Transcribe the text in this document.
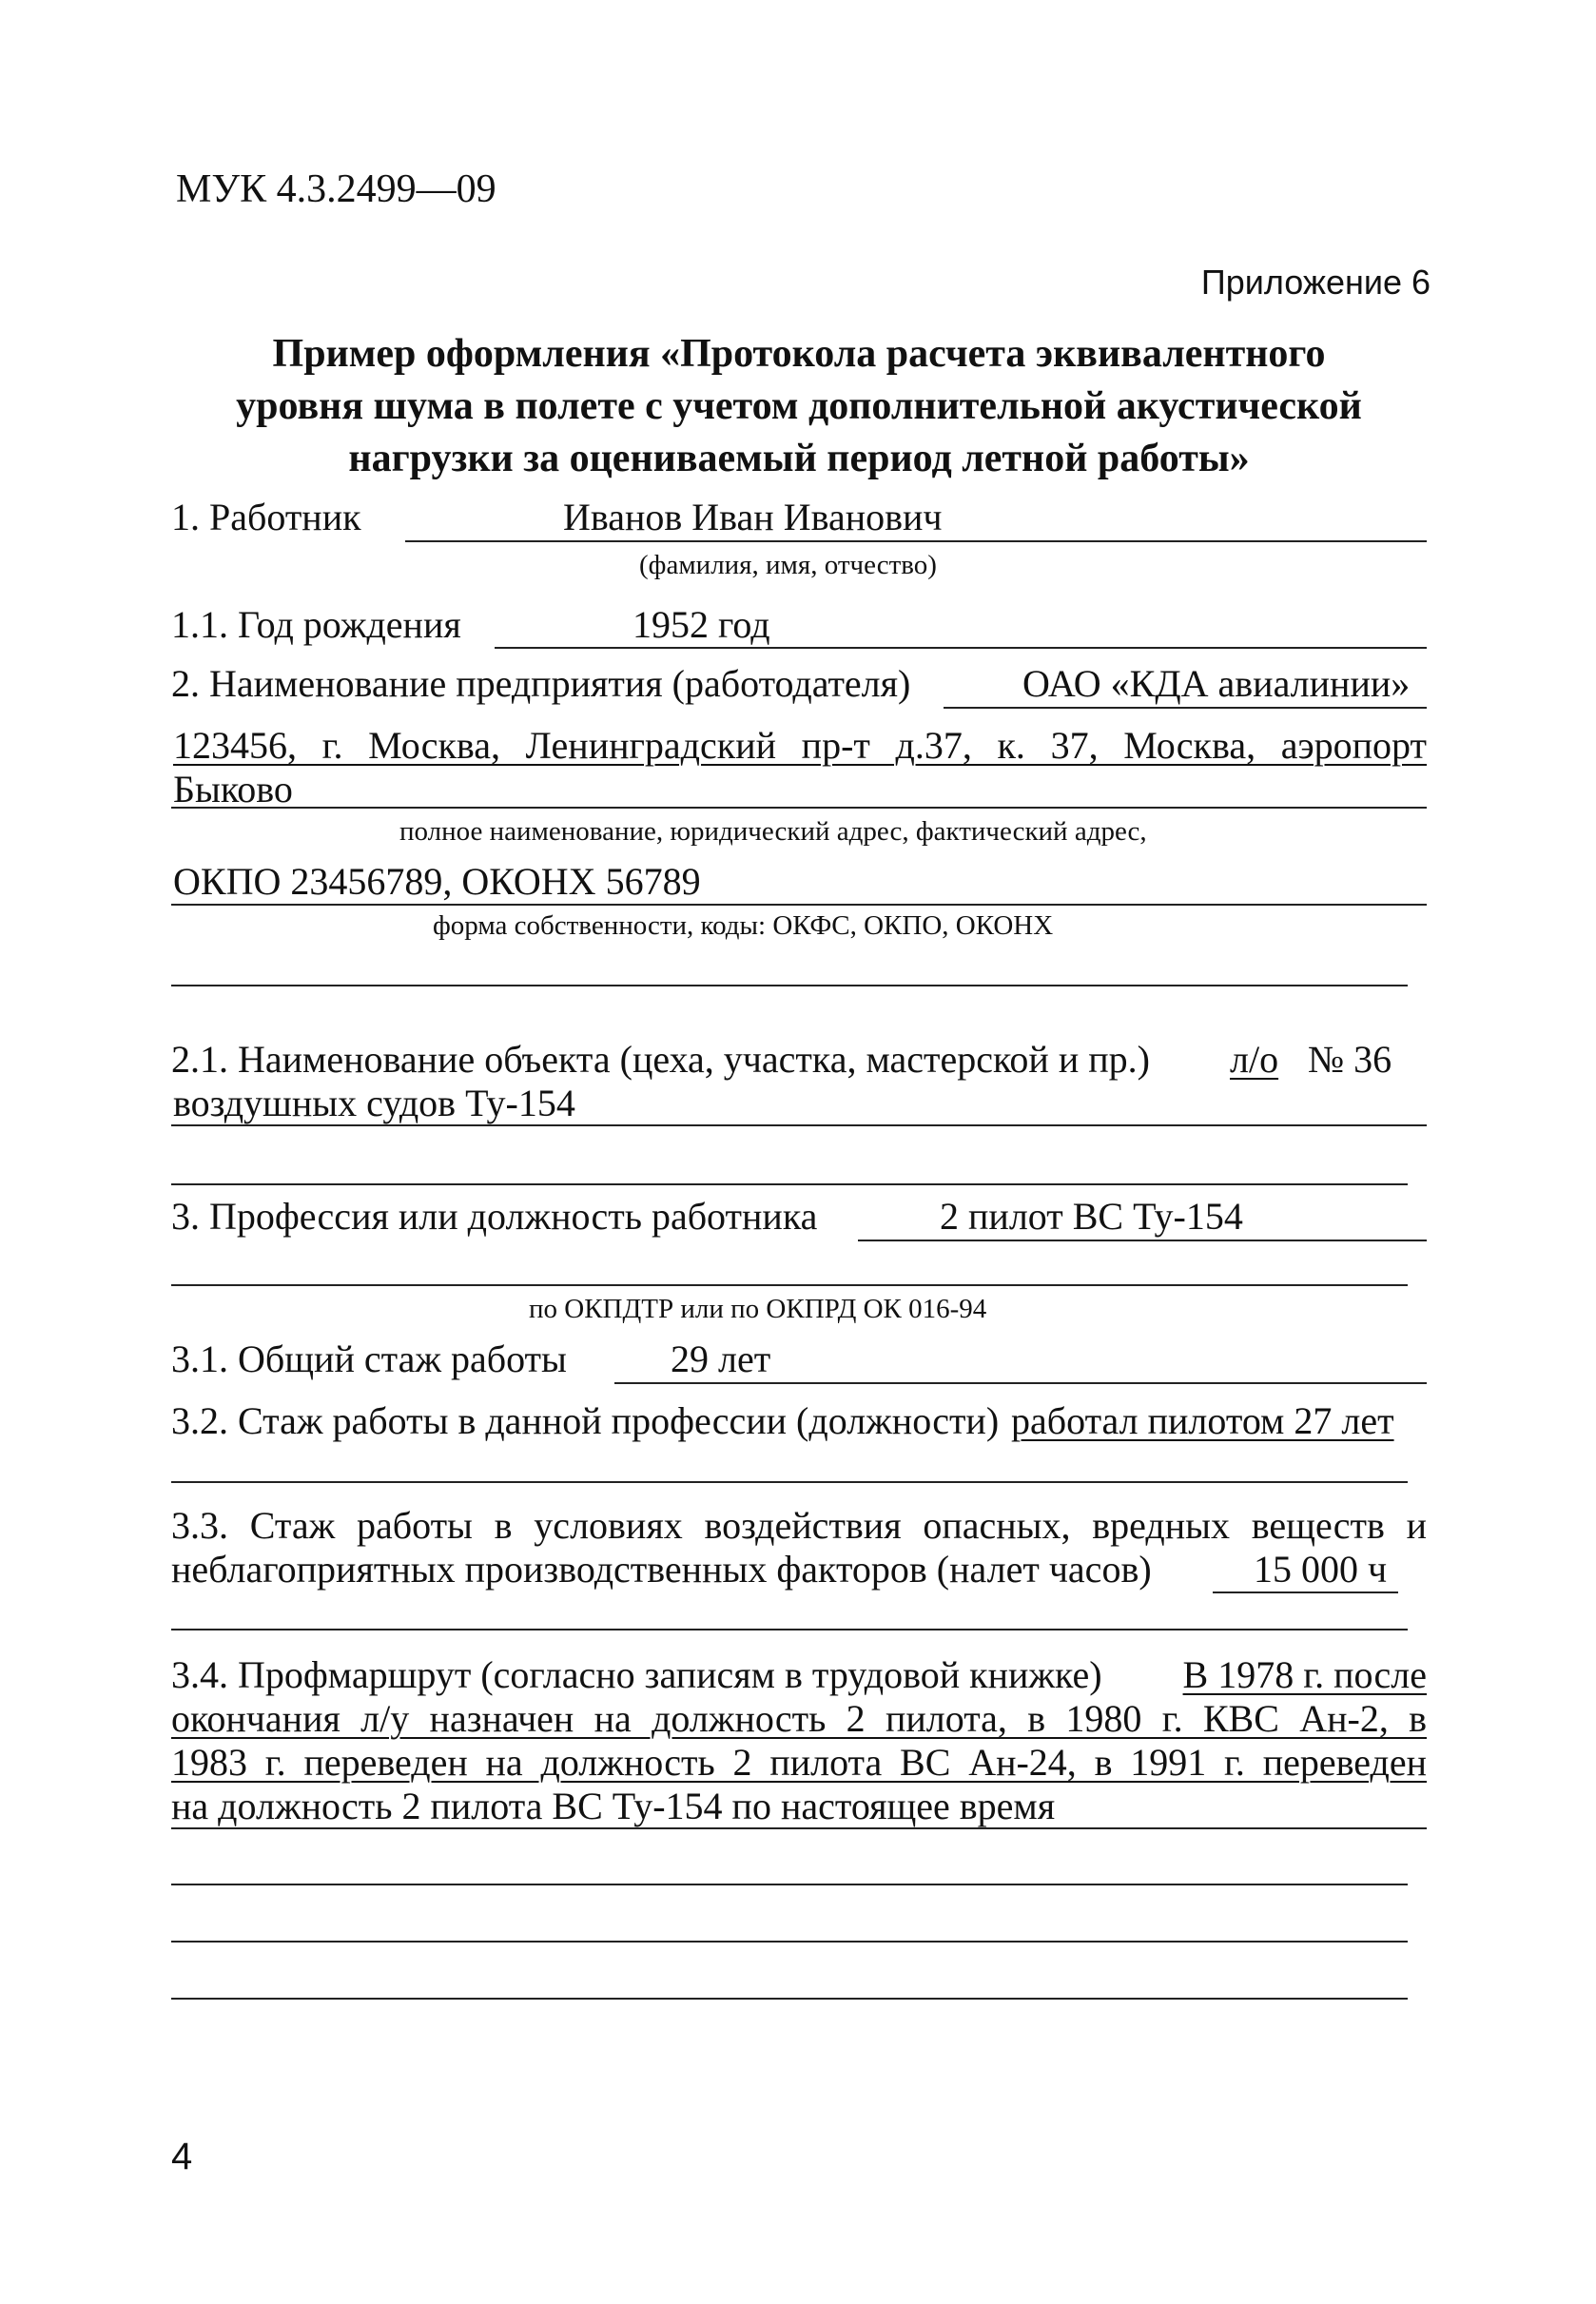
МУК 4.3.2499—09
Приложение 6
Пример оформления «Протокола расчета эквивалентного
уровня шума в полете с учетом дополнительной акустической
нагрузки за оцениваемый период летной работы»
1. Работник	Иванов Иван Иванович
(фамилия, имя, отчество)
1.1. Год рождения	1952 год
2. Наименование предприятия (работодателя)	ОАО «КДА авиалинии»
123456, г. Москва, Ленинградский пр-т д.37, к. 37, Москва, аэропорт
Быково
полное наименование, юридический адрес, фактический адрес,
ОКПО 23456789, ОКОНХ 56789
форма собственности, коды: ОКФС, ОКПО, ОКОНХ
2.1. Наименование объекта (цеха, участка, мастерской и пр.) л/о № 36
воздушных судов Ту-154
3. Профессия или должность работника	2 пилот ВС Ту-154
по ОКПДТР или по ОКПРД ОК 016-94
3.1. Общий стаж работы	29 лет
3.2. Стаж работы в данной профессии (должности) работал пилотом 27 лет
3.3. Стаж работы в условиях воздействия опасных, вредных веществ и
неблагоприятных производственных факторов (налет часов)	15 000 ч
3.4. Профмаршрут (согласно записям в трудовой книжке)	В 1978 г. после
окончания л/у назначен на должность 2 пилота, в 1980 г. КВС Ан-2, в
1983 г. переведен на должность 2 пилота ВС Ан-24, в 1991 г. переведен
на должность 2 пилота ВС Ту-154 по настоящее время
4
